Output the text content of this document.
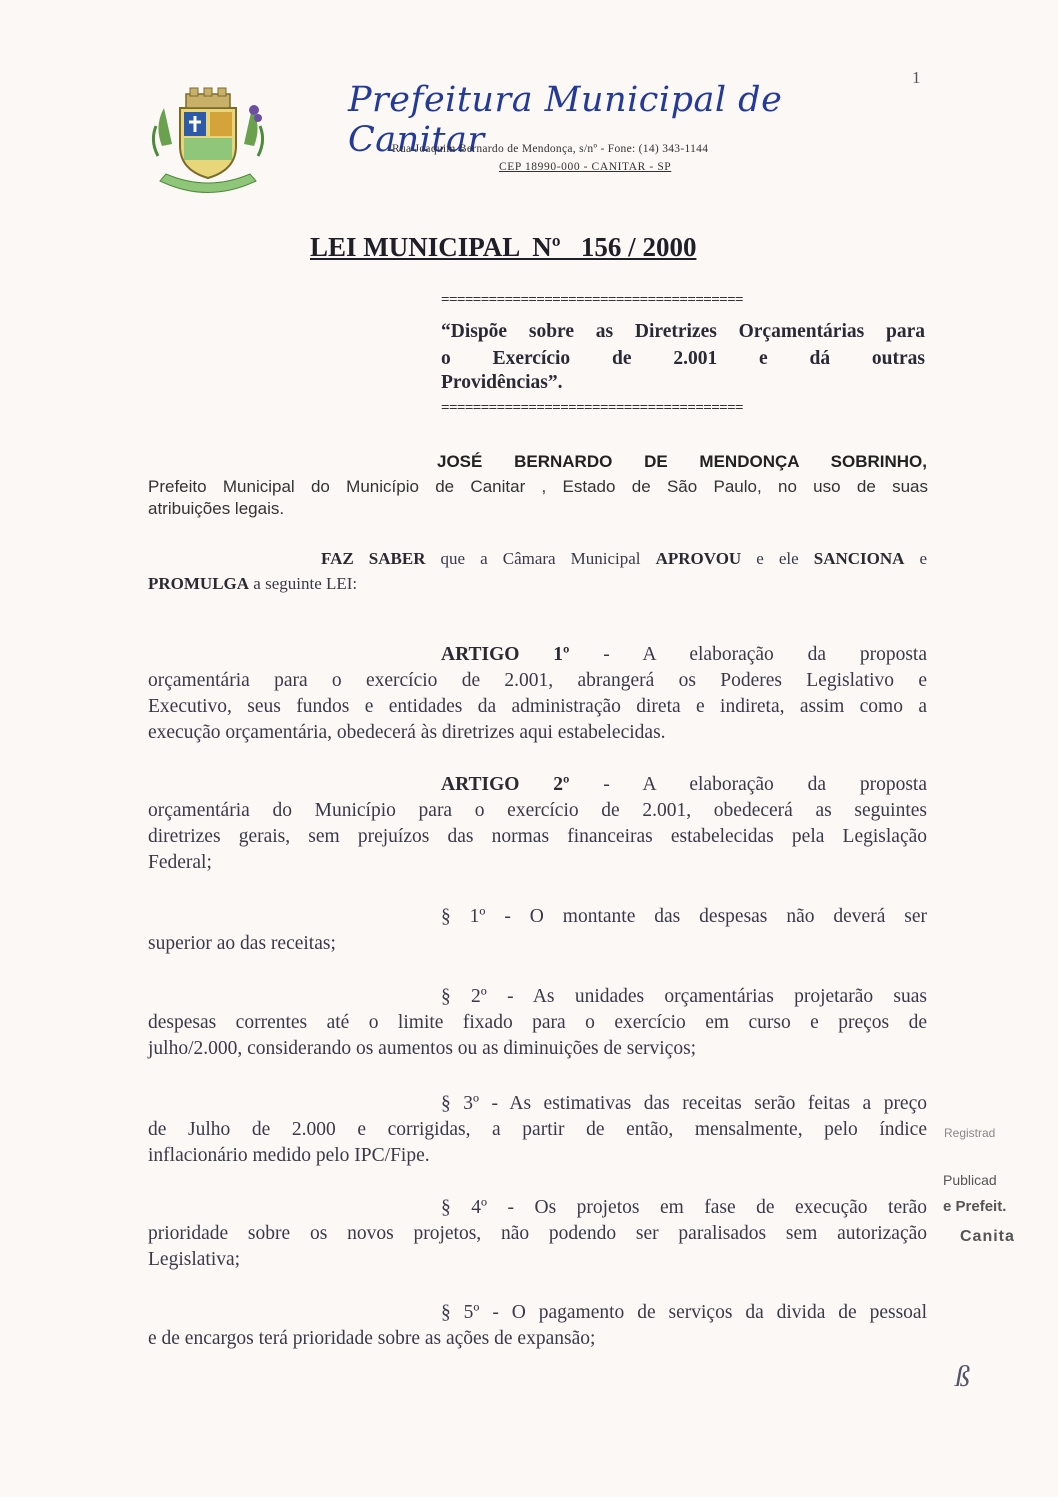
1
Prefeitura Municipal de Canitar
Rua Joaquim Bernardo de Mendonça, s/nº - Fone: (14) 343-1144
CEP 18990-000 - CANITAR - SP
LEI MUNICIPAL  Nº   156 / 2000
======================================
“Dispõe sobre as Diretrizes Orçamentárias para
o Exercício de 2.001 e dá outras
Providências”.
======================================
JOSÉ BERNARDO DE MENDONÇA SOBRINHO,
Prefeito Municipal do Município de Canitar , Estado de São Paulo, no uso de suas
atribuições legais.
FAZ SABER que a Câmara Municipal APROVOU e ele SANCIONA e
PROMULGA a seguinte LEI:
ARTIGO 1º - A elaboração da proposta
orçamentária para o exercício de 2.001, abrangerá os Poderes Legislativo e
Executivo, seus fundos e entidades da administração direta e indireta, assim como a
execução orçamentária, obedecerá às diretrizes aqui estabelecidas.
ARTIGO 2º - A elaboração da proposta
orçamentária do Município para o exercício de 2.001, obedecerá as seguintes
diretrizes gerais, sem prejuízos das normas financeiras estabelecidas pela Legislação
Federal;
§ 1º - O montante das despesas não deverá ser
superior ao das receitas;
§ 2º - As unidades orçamentárias projetarão suas
despesas correntes até o limite fixado para o exercício em curso e preços de
julho/2.000, considerando os aumentos ou as diminuições de serviços;
§ 3º - As estimativas das receitas serão feitas a preço
de Julho de 2.000 e corrigidas, a partir de então, mensalmente, pelo índice
inflacionário medido pelo IPC/Fipe.
§ 4º - Os projetos em fase de execução terão
prioridade sobre os novos projetos, não podendo ser paralisados sem autorização
Legislativa;
§ 5º - O pagamento de serviços da divida de pessoal
e de encargos terá prioridade sobre as ações de expansão;
Registrad
Publicad
e Prefeit.
Canita
ß
